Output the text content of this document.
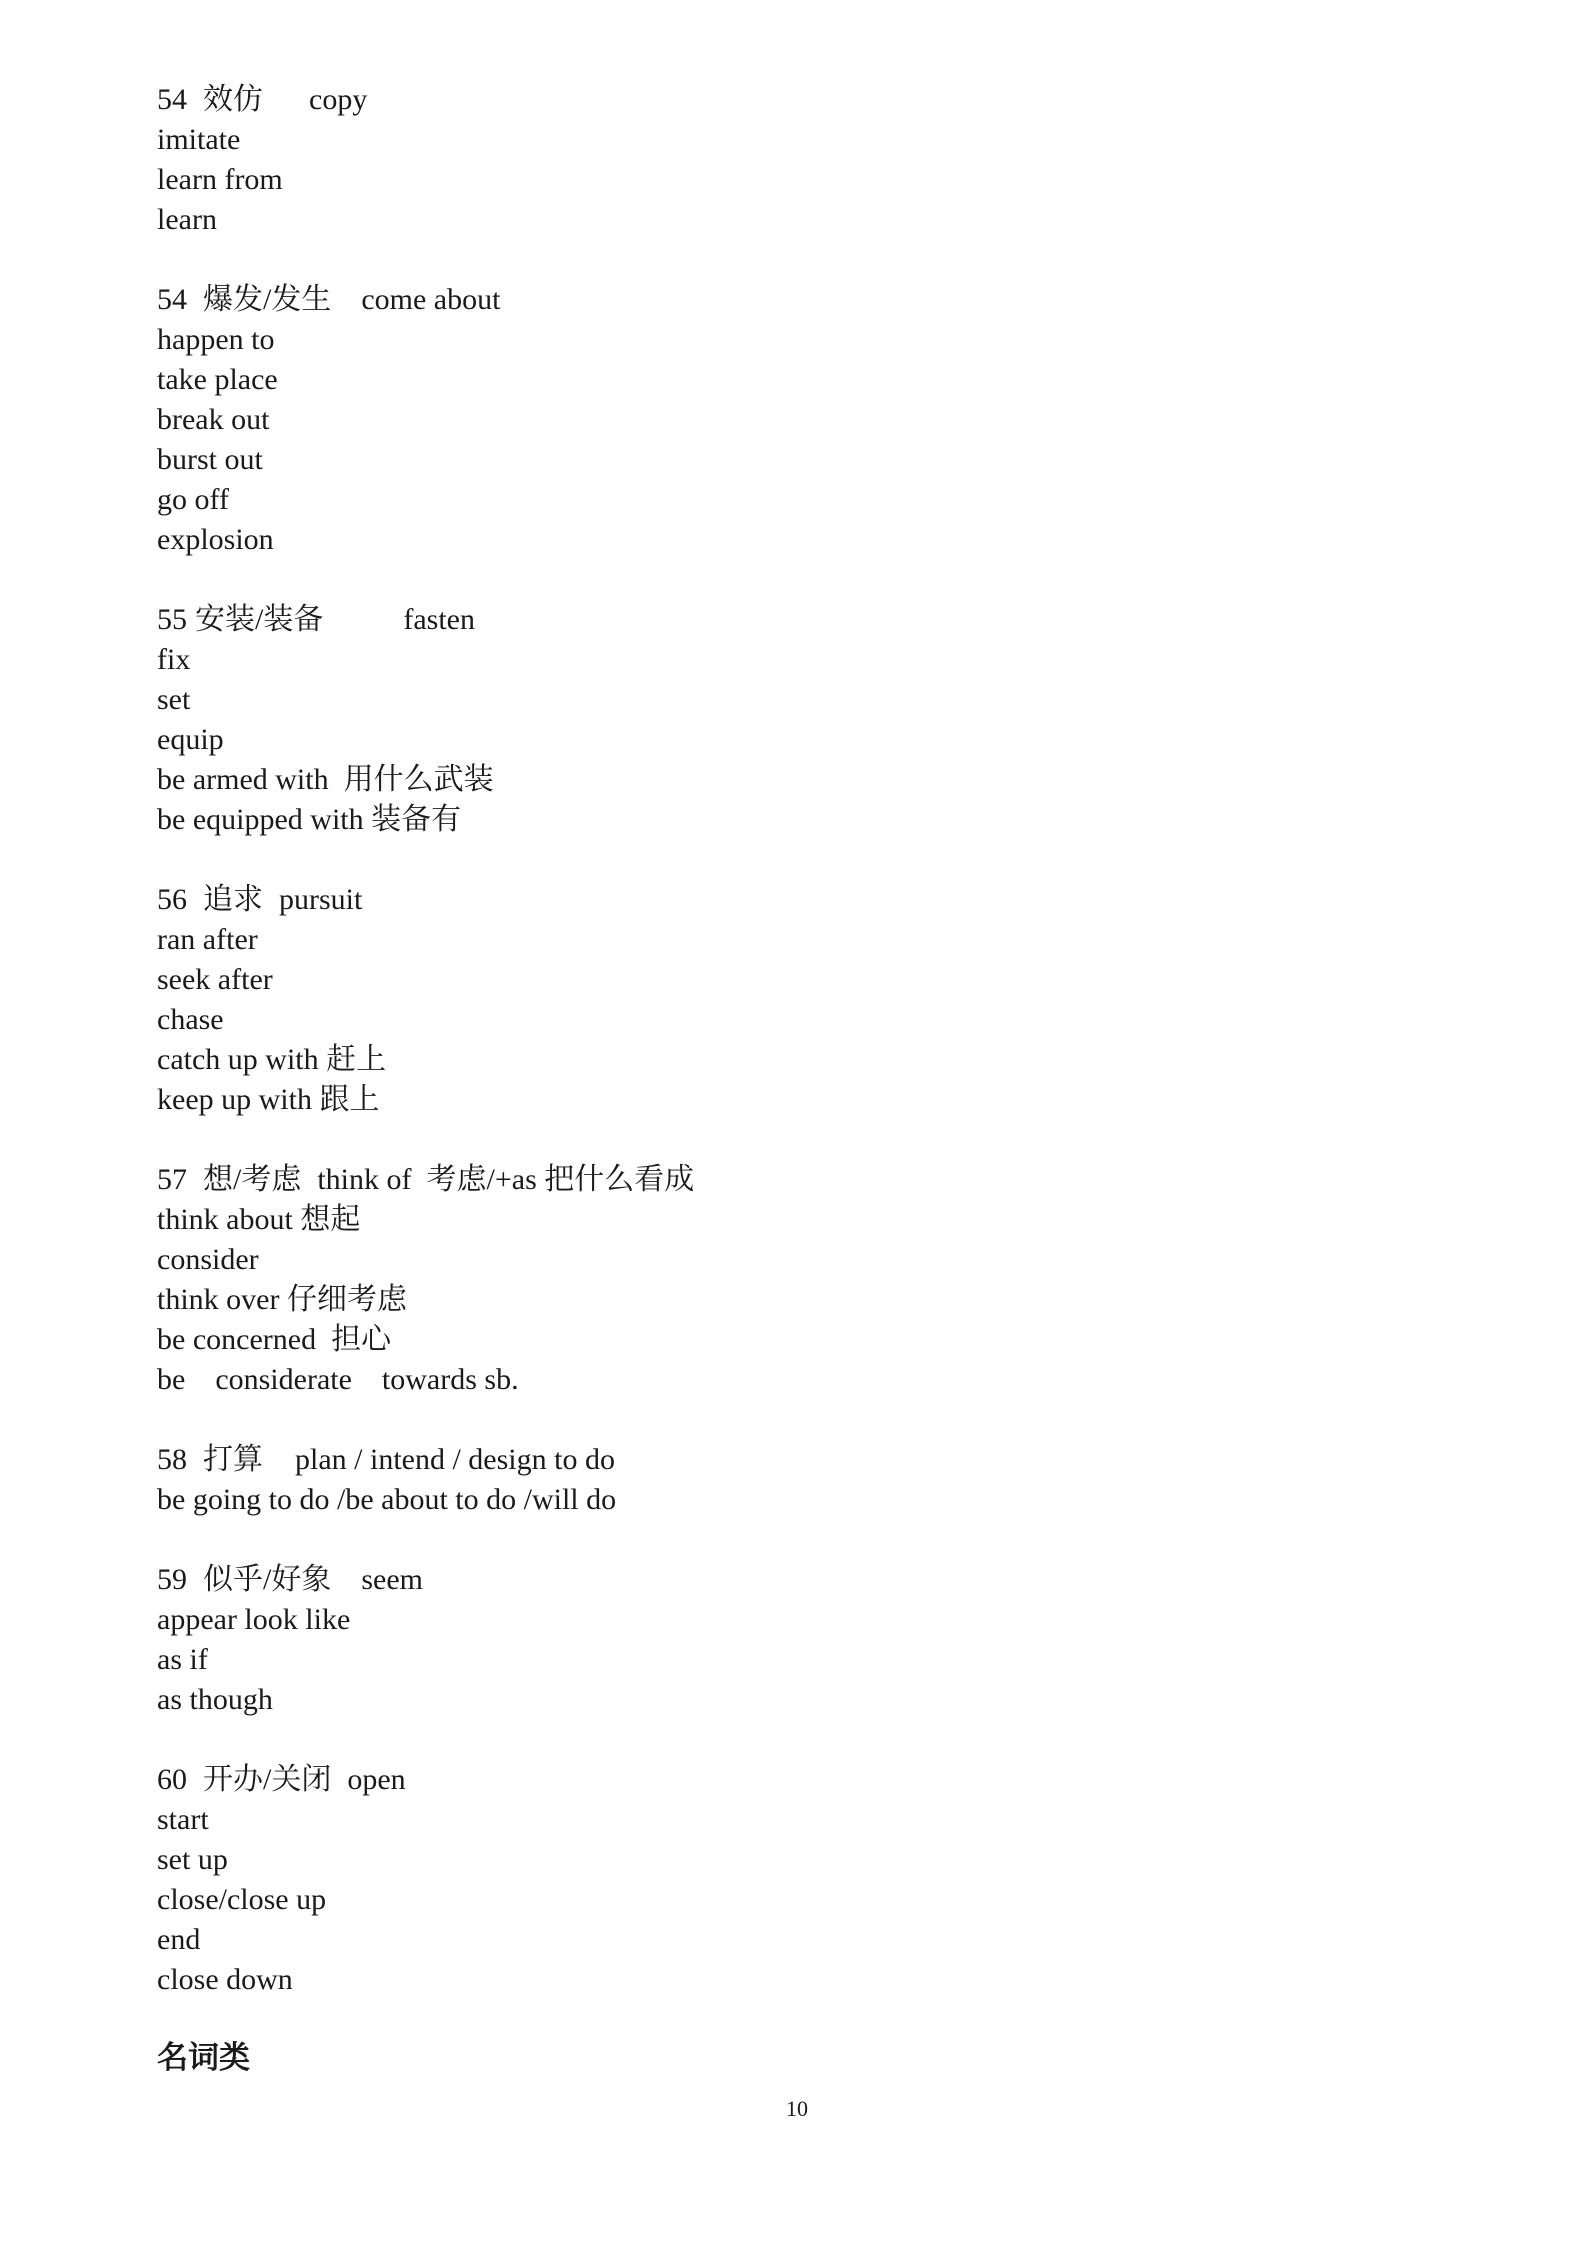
54 效仿 copy
imitate
learn from
learn
54 爆发/发生 come about
happen to
take place
break out
burst out
go off
explosion
55 安装/装备	fasten
fix
set
equip
be armed with  用什么武装
be equipped with 装备有
56 追求 pursuit
ran after
seek after
chase
catch up with 赶上
keep up with 跟上
57 想/考虑 think of  考虑/+as 把什么看成
think about 想起
consider
think over 仔细考虑
be concerned  担心
be    considerate    towards sb.
58 打算 plan / intend / design to do
be going to do /be about to do /will do
59 似乎/好象 seem
appear look like
as if
as though
60 开办/关闭 open
start
set up
close/close up
end
close down
名词类
10
